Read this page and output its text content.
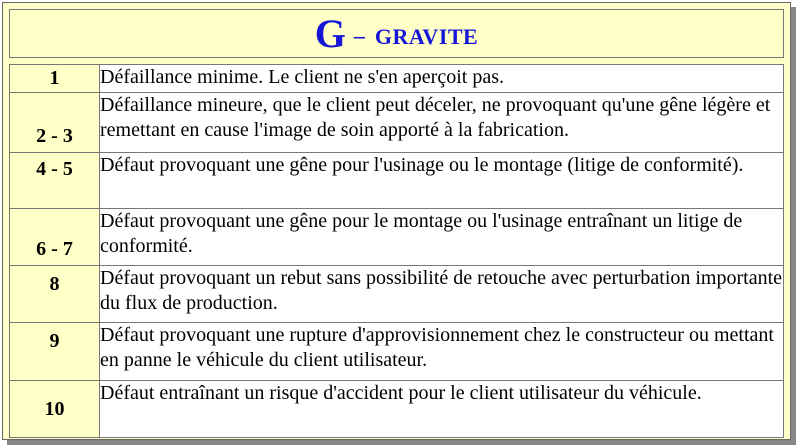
G – GRAVITE
1	Défaillance minime. Le client ne s'en aperçoit pas.
2 - 3	Défaillance mineure, que le client peut déceler, ne provoquant qu'une gêne légère et remettant en cause l'image de soin apporté à la fabrication.
4 - 5	Défaut provoquant une gêne pour l'usinage ou le montage (litige de conformité).
6 - 7	Défaut provoquant une gêne pour le montage ou l'usinage entraînant un litige de conformité.
8	Défaut provoquant un rebut sans possibilité de retouche avec perturbation importante du flux de production.
9	Défaut provoquant une rupture d'approvisionnement chez le constructeur ou mettant en panne le véhicule du client utilisateur.
10	Défaut entraînant un risque d'accident pour le client utilisateur du véhicule.
